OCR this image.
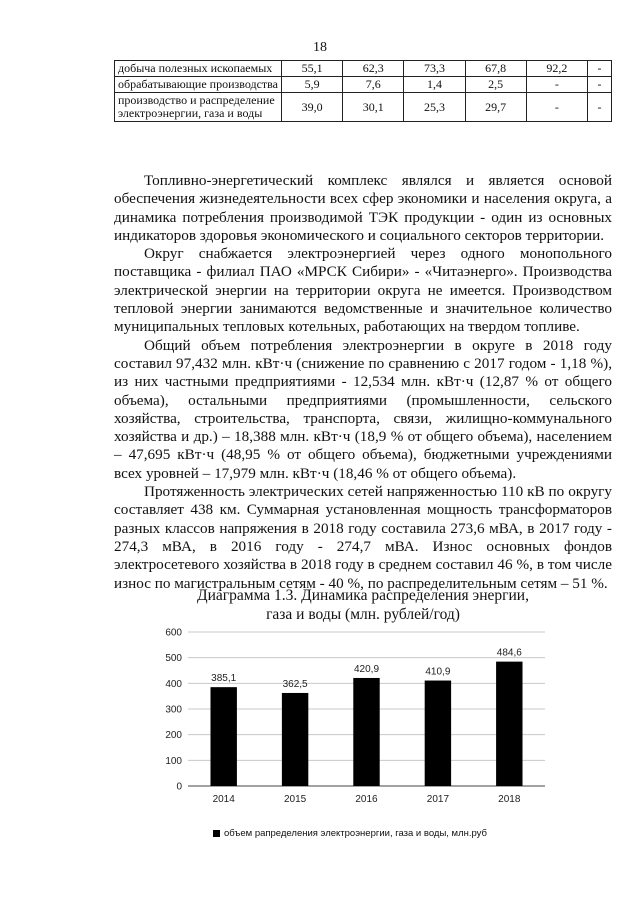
18
добыча полезных ископаемых	55,1	62,3	73,3	67,8	92,2	-
обрабатывающие производства	5,9	7,6	1,4	2,5	-	-
производство и распределение электроэнергии, газа и воды	39,0	30,1	25,3	29,7	-	-

Топливно-энергетический комплекс являлся и является основой обеспечения жизнедеятельности всех сфер экономики и населения округа, а динамика потребления производимой ТЭК продукции - один из основных индикаторов здоровья экономического и социального секторов территории.

Округ снабжается электроэнергией через одного монопольного поставщика - филиал ПАО «МРСК Сибири» - «Читаэнерго». Производства электрической энергии на территории округа не имеется. Производством тепловой энергии занимаются ведомственные и значительное количество муниципальных тепловых котельных, работающих на твердом топливе.

Общий объем потребления электроэнергии в округе в 2018 году составил 97,432 млн. кВт·ч (снижение по сравнению с 2017 годом - 1,18 %), из них частными предприятиями - 12,534 млн. кВт·ч (12,87 % от общего объема), остальными предприятиями (промышленности, сельского хозяйства, строительства, транспорта, связи, жилищно-коммунального хозяйства и др.) – 18,388 млн. кВт·ч (18,9 % от общего объема), населением – 47,695 кВт·ч (48,95 % от общего объема), бюджетными учреждениями всех уровней – 17,979 млн. кВт·ч (18,46 % от общего объема).

Протяженность электрических сетей напряженностью 110 кВ по округу составляет 438 км. Суммарная установленная мощность трансформаторов разных классов напряжения в 2018 году составила 273,6 мВА, в 2017 году - 274,3 мВА, в 2016 году - 274,7 мВА. Износ основных фондов электросетевого хозяйства в 2018 году в среднем составил 46 %, в том числе износ по магистральным сетям - 40 %, по распределительным сетям – 51 %.

Диаграмма 1.3. Динамика распределения энергии,
газа и воды (млн. рублей/год)
0
100
200
300
400
500
600
385,1
2014
362,5
2015
420,9
2016
410,9
2017
484,6
2018
объем рапределения электроэнергии, газа и воды, млн.руб
